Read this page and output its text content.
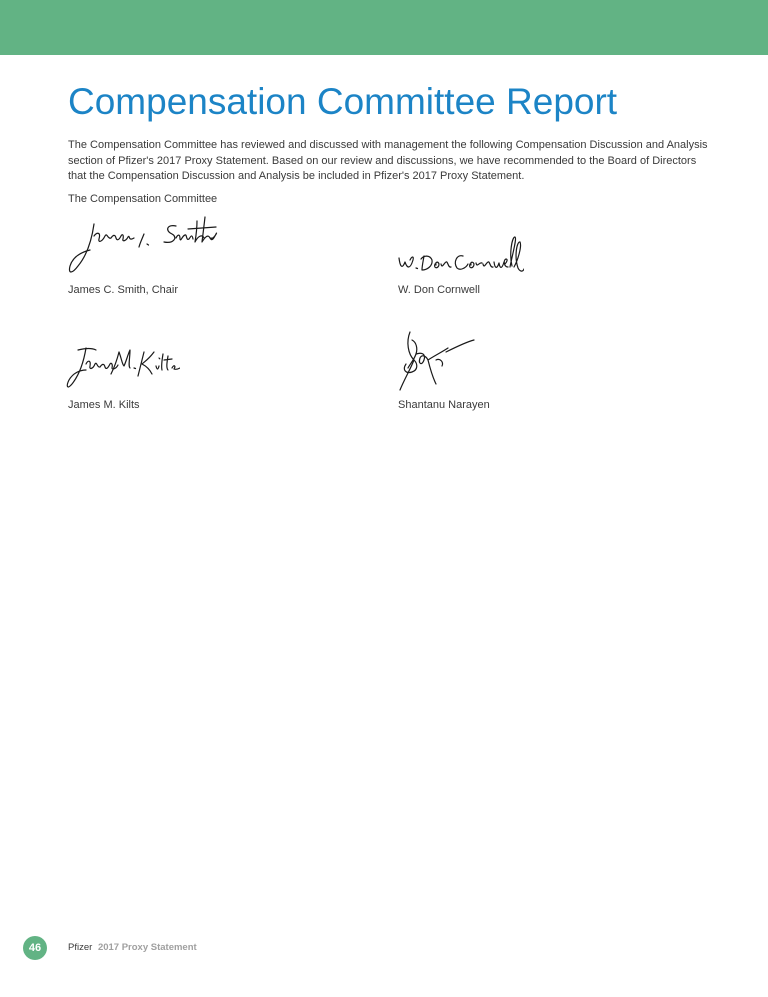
Compensation Committee Report

The Compensation Committee has reviewed and discussed with management the following Compensation Discussion and Analysis section of Pfizer's 2017 Proxy Statement. Based on our review and discussions, we have recommended to the Board of Directors that the Compensation Discussion and Analysis be included in Pfizer's 2017 Proxy Statement.

The Compensation Committee

James C. Smith, Chair	W. Don Cornwell
James M. Kilts	Shantanu Narayen
46	Pfizer 2017 Proxy Statement
